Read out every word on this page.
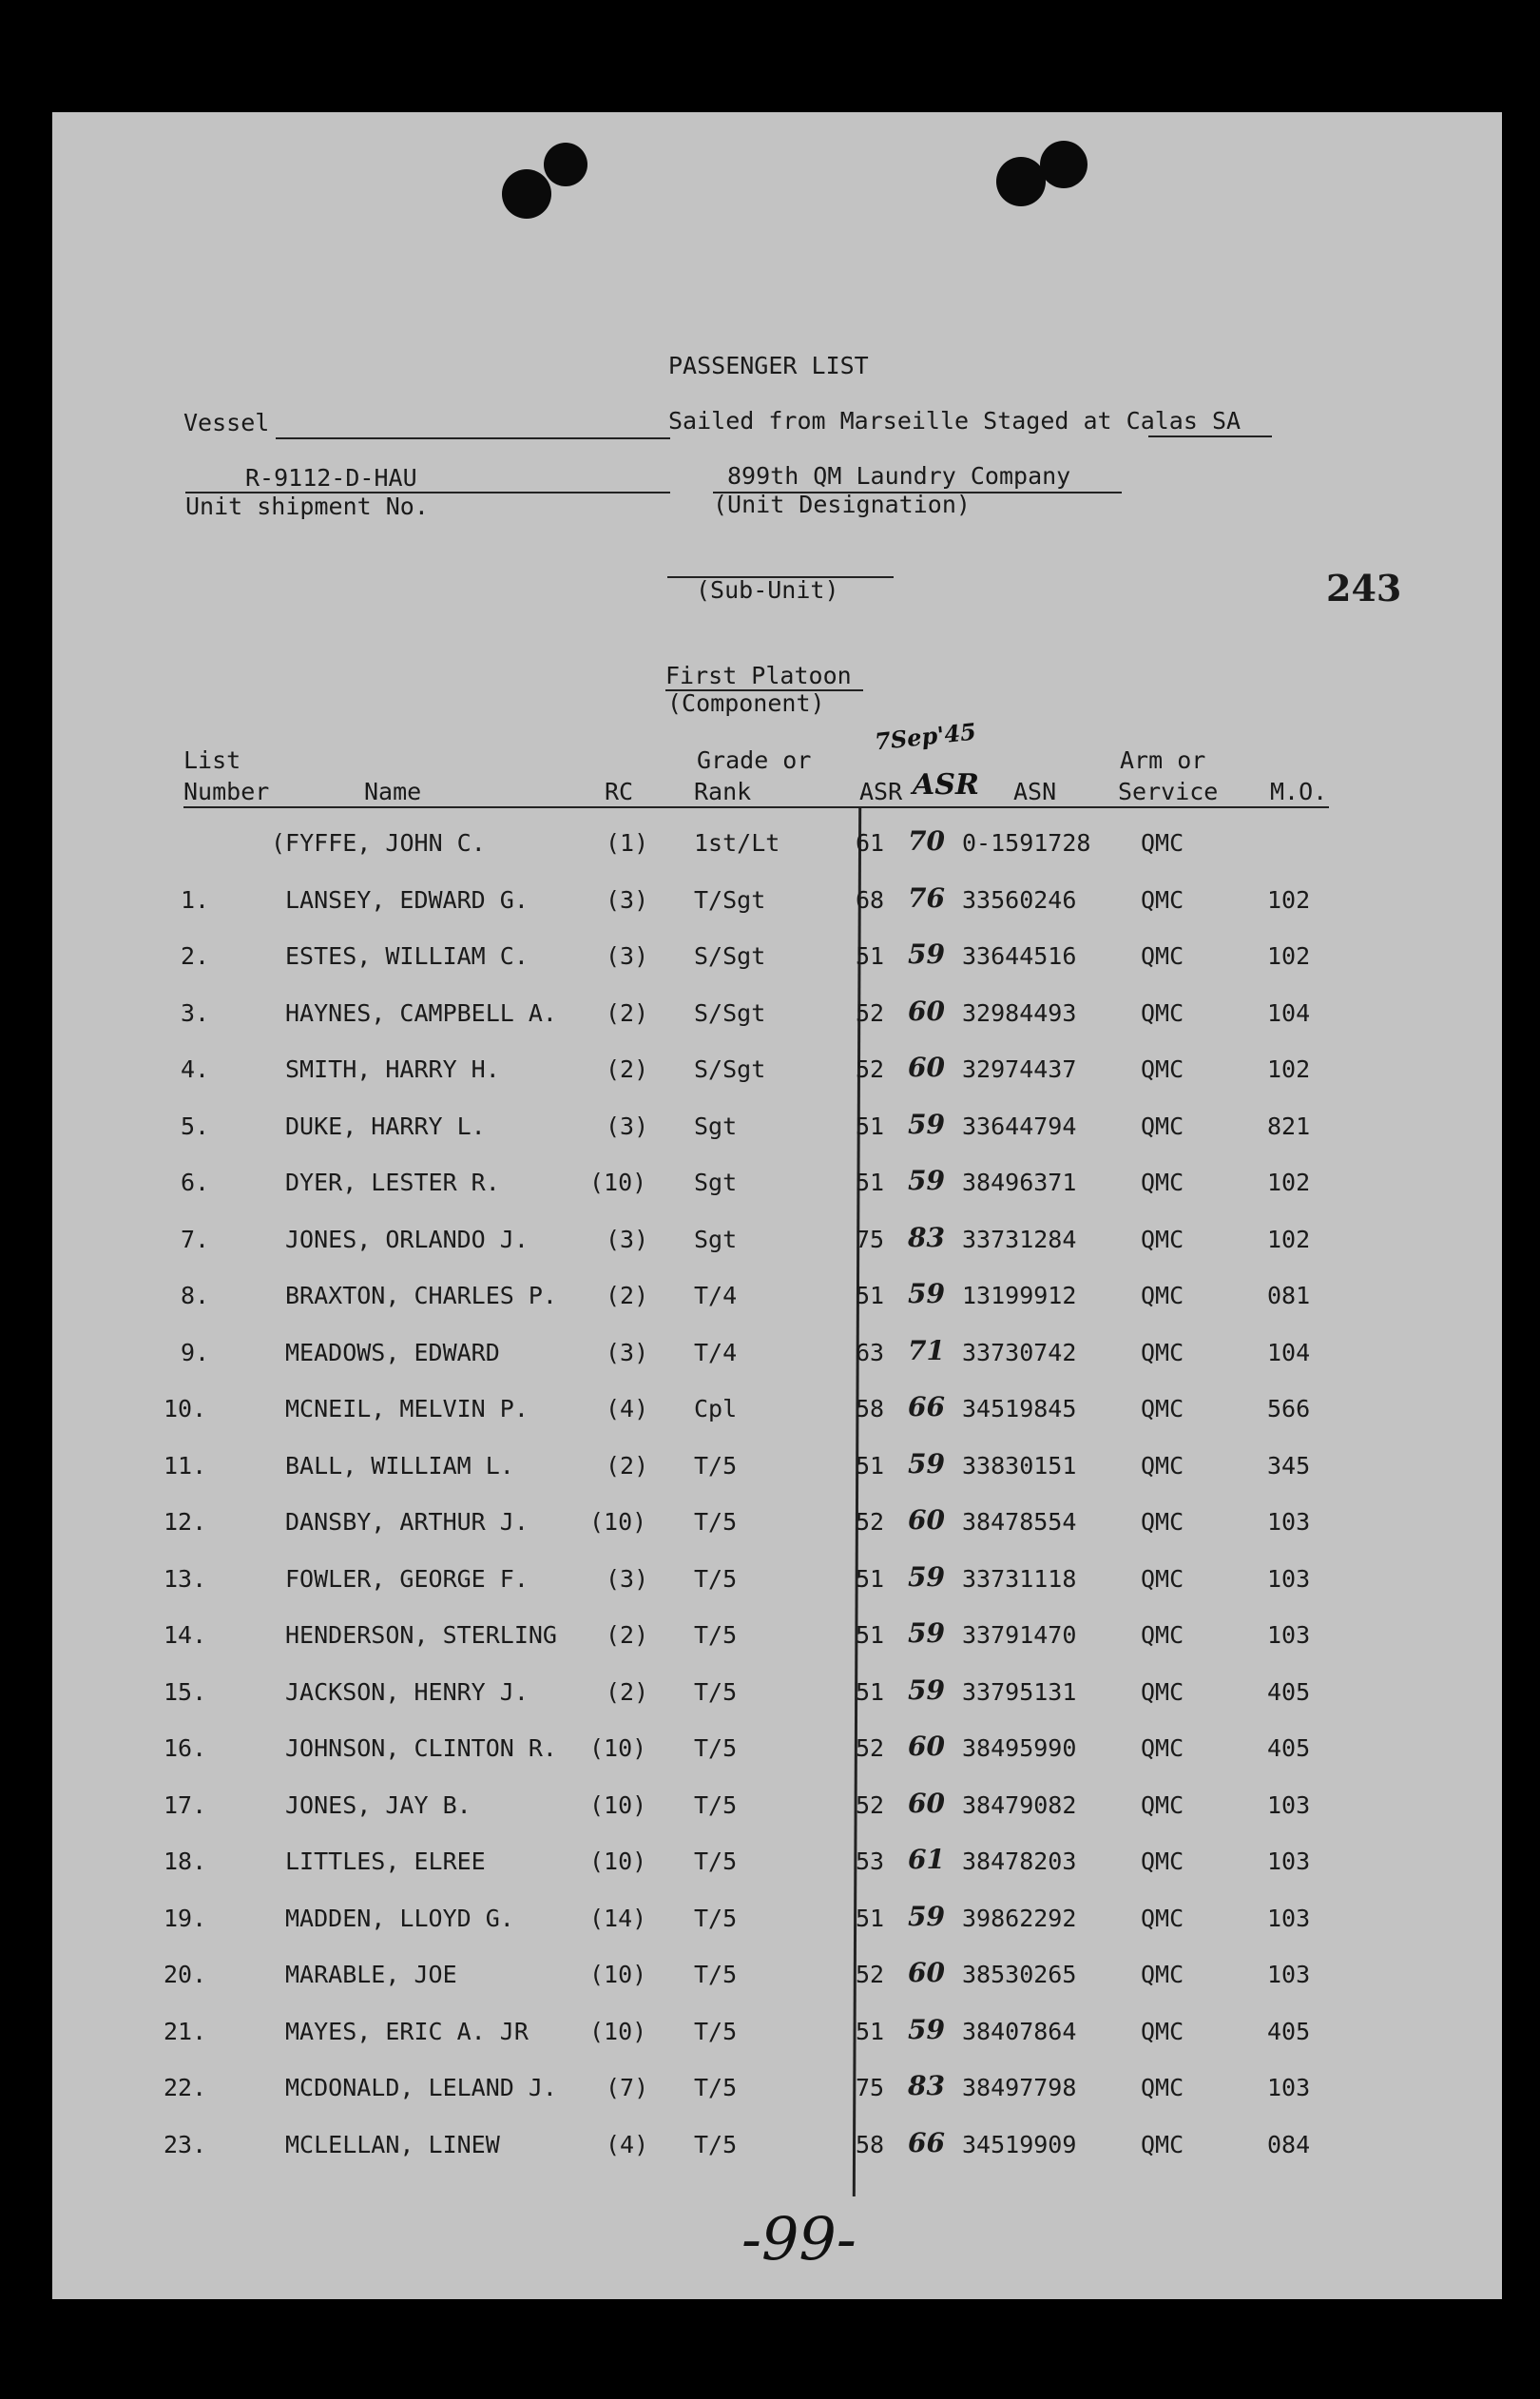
PASSENGER LIST
Vessel	Sailed from Marseille Staged at Calas SA
R-9112-D-HAU
Unit shipment No.
899th QM Laundry Company
(Unit Designation)
(Sub-Unit)	243
First Platoon
(Component)
7Sep'45
List
Number	Name	RC
Grade or
Rank	ASR ASR ASN
Arm or
Service M.O.
(FYFFE, JOHN C.	(1) 1st/Lt	61 70 0-1591728 QMC
1.	LANSEY, EDWARD G.	(3) T/Sgt	68 76 33560246	QMC	102
2.	ESTES, WILLIAM C.	(3) S/Sgt	51 59 33644516	QMC	102
3.	HAYNES, CAMPBELL A. (2) S/Sgt	52 60 32984493	QMC	104
4.	SMITH, HARRY H.	(2) S/Sgt	52 60 32974437	QMC	102
5.	DUKE, HARRY L.	(3) Sgt	51 59 33644794	QMC	821
6.	DYER, LESTER R.	(10) Sgt	51 59 38496371	QMC	102
7.	JONES, ORLANDO J.	(3) Sgt	75 83 33731284	QMC	102
8.	BRAXTON, CHARLES P. (2) T/4	51 59 13199912	QMC	081
9.	MEADOWS, EDWARD	(3) T/4	63 71 33730742	QMC	104
10.	MCNEIL, MELVIN P.	(4) Cpl	58 66 34519845	QMC	566
11.	BALL, WILLIAM L.	(2) T/5	51 59 33830151	QMC	345
12.	DANSBY, ARTHUR J.	(10) T/5	52 60 38478554	QMC	103
13.	FOWLER, GEORGE F.	(3) T/5	51 59 33731118	QMC	103
14.	HENDERSON, STERLING (2) T/5	51 59 33791470	QMC	103
15.	JACKSON, HENRY J.	(2) T/5	51 59 33795131	QMC	405
16.	JOHNSON, CLINTON R. (10) T/5	52 60 38495990	QMC	405
17.	JONES, JAY B.	(10) T/5	52 60 38479082	QMC	103
18.	LITTLES, ELREE	(10) T/5	53 61 38478203	QMC	103
19.	MADDEN, LLOYD G.	(14) T/5	51 59 39862292	QMC	103
20.	MARABLE, JOE	(10) T/5	52 60 38530265	QMC	103
21.	MAYES, ERIC A. JR	(10) T/5	51 59 38407864	QMC	405
22.	MCDONALD, LELAND J. (7) T/5	75 83 38497798	QMC	103
23.	MCLELLAN, LINEW	(4) T/5	58 66 34519909	QMC	084
-99-
